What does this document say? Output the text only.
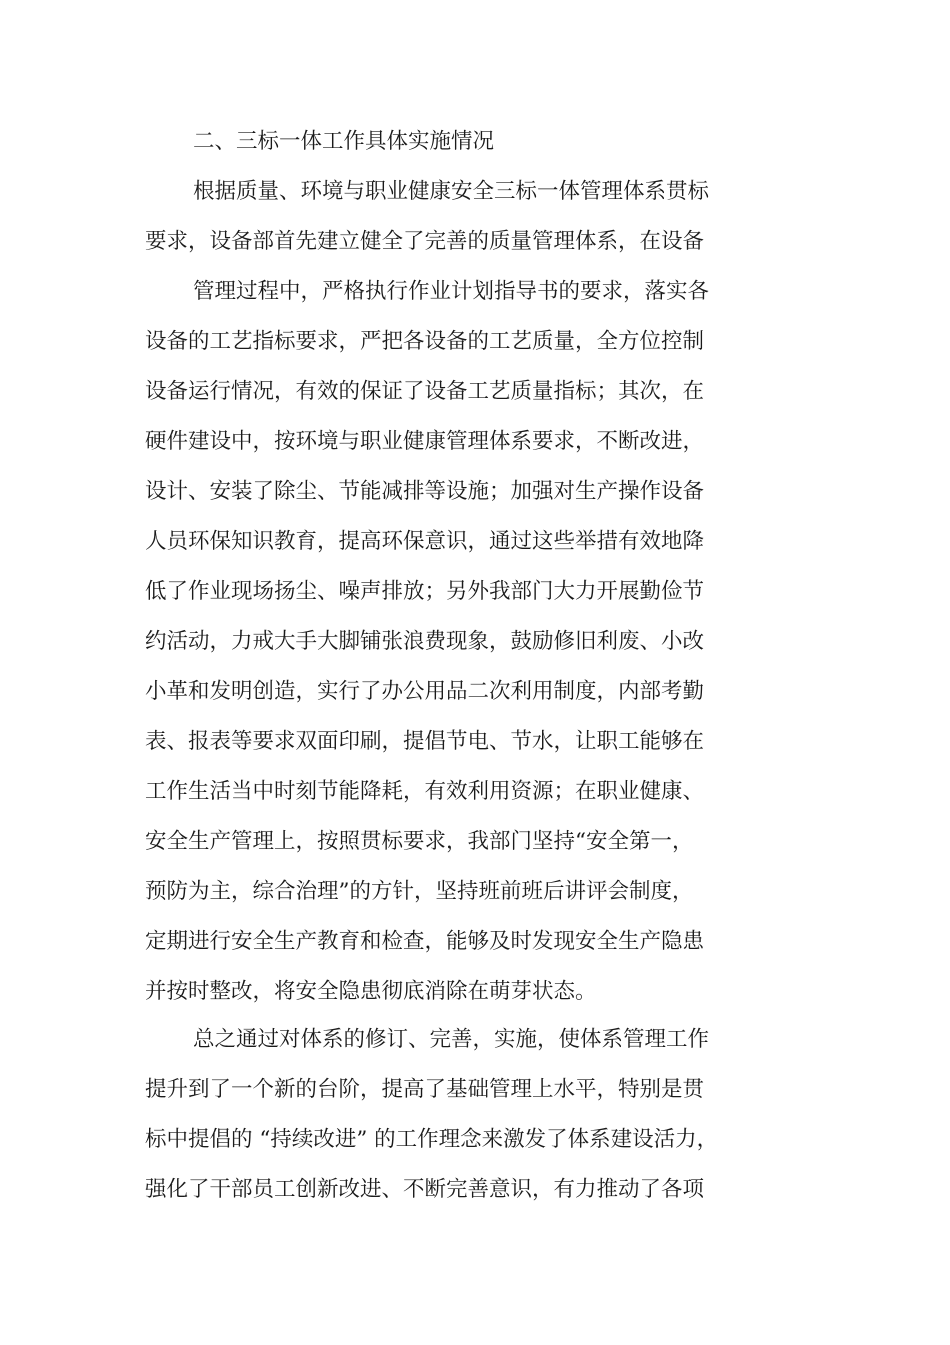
二、三标一体工作具体实施情况

根据质量、环境与职业健康安全三标一体管理体系贯标

要求，设备部首先建立健全了完善的质量管理体系，在设备

管理过程中，严格执行作业计划指导书的要求，落实各

设备的工艺指标要求，严把各设备的工艺质量，全方位控制

设备运行情况，有效的保证了设备工艺质量指标；其次，在

硬件建设中，按环境与职业健康管理体系要求，不断改进，

设计、安装了除尘、节能减排等设施；加强对生产操作设备

人员环保知识教育，提高环保意识，通过这些举措有效地降

低了作业现场扬尘、噪声排放；另外我部门大力开展勤俭节

约活动，力戒大手大脚铺张浪费现象，鼓励修旧利废、小改

小革和发明创造，实行了办公用品二次利用制度，内部考勤

表、报表等要求双面印刷，提倡节电、节水，让职工能够在

工作生活当中时刻节能降耗，有效利用资源；在职业健康、

安全生产管理上，按照贯标要求，我部门坚持“安全第一，

预防为主，综合治理”的方针，坚持班前班后讲评会制度，

定期进行安全生产教育和检查，能够及时发现安全生产隐患

并按时整改，将安全隐患彻底消除在萌芽状态。

总之通过对体系的修订、完善，实施，使体系管理工作

提升到了一个新的台阶，提高了基础管理上水平，特别是贯

标中提倡的 “持续改进” 的工作理念来激发了体系建设活力，

强化了干部员工创新改进、不断完善意识，有力推动了各项
